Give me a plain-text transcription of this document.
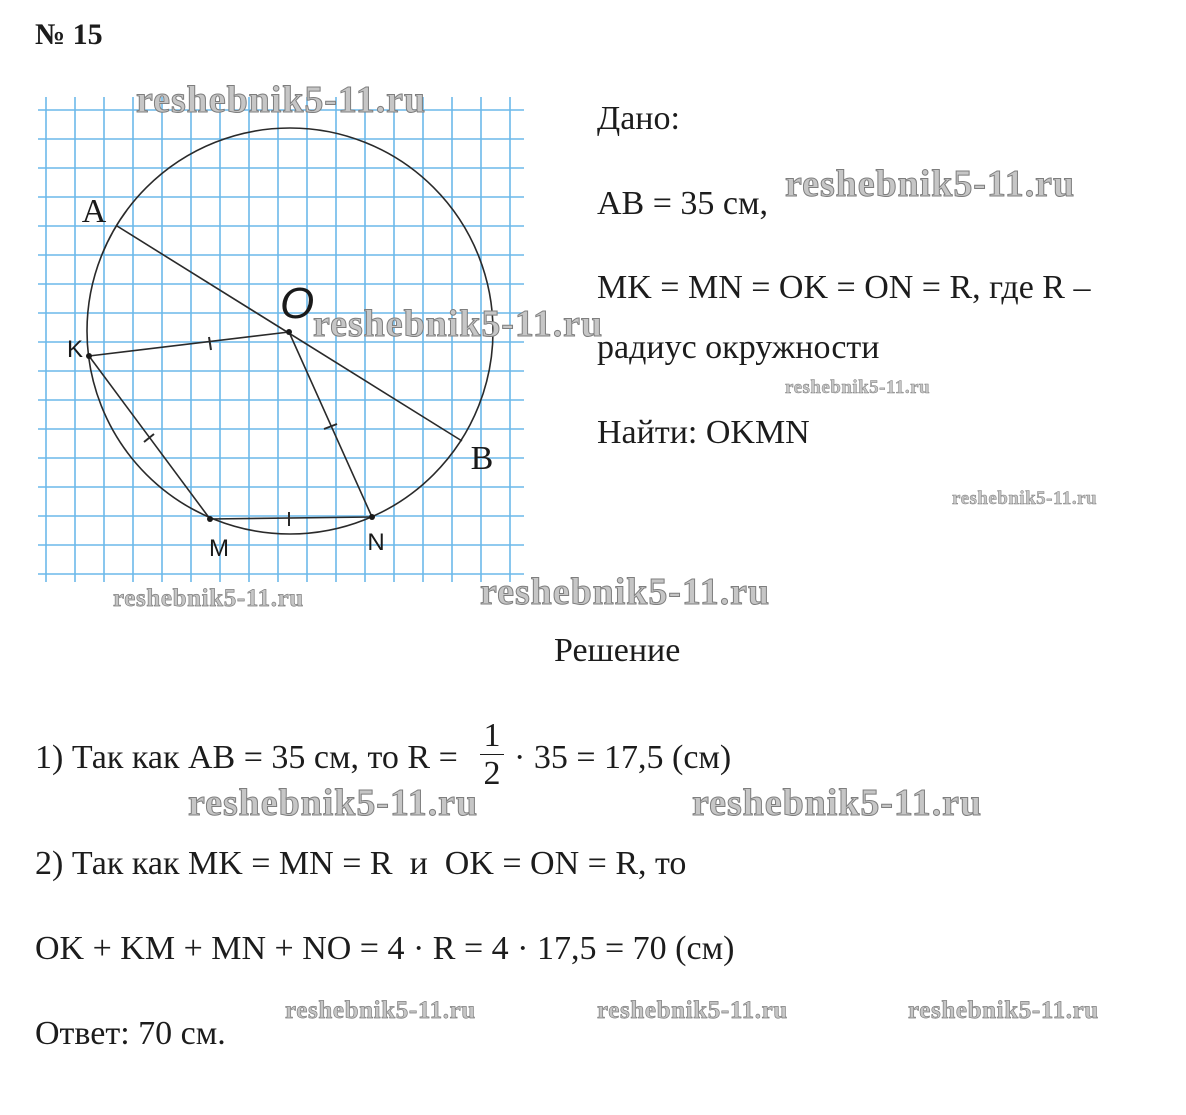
№ 15
A
B
K
M	N
O
Дано:
AB = 35 см,
MK = MN = OK = ON = R, где R –
радиус окружности
Найти: OKMN
Решение
1) Так как AB = 35 см, то R =
1
2 · 35 = 17,5 (см)
2) Так как MK = MN = R  и  OK = ON = R, то
OK + KM + MN + NO = 4 · R = 4 · 17,5 = 70 (см)
Ответ: 70 см.
reshebnik5-11.ru
reshebnik5-11.ru
reshebnik5-11.ru
reshebnik5-11.ru
reshebnik5-11.ru
reshebnik5-11.ru	reshebnik5-11.ru
reshebnik5-11.ru	reshebnik5-11.ru
reshebnik5-11.ru	reshebnik5-11.ru	reshebnik5-11.ru
